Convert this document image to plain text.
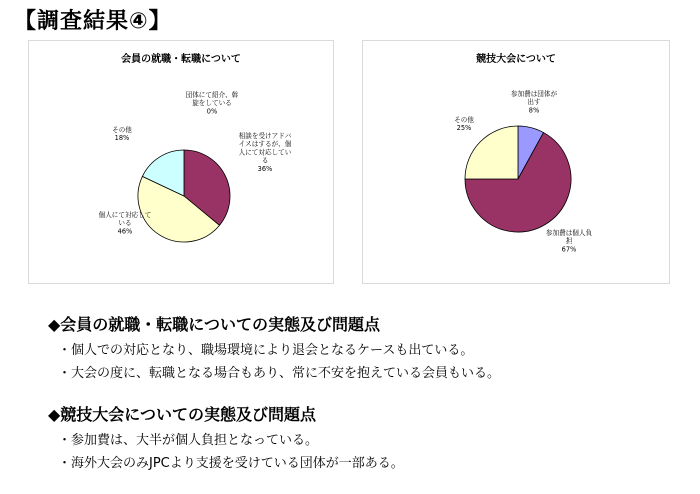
【調査結果④】
会員の就職・転職について
相談を受けアドバイスはするが、個人にて対応している 36%
個人にて対応している 46%
その他 18%
団体にて紹介、斡旋をしている 0%
競技大会について
参加費は団体が出す 8%
参加費は個人負担 67%
その他 25%
◆会員の就職・転職についての実態及び問題点
・個人での対応となり、職場環境により退会となるケースも出ている。
・大会の度に、転職となる場合もあり、常に不安を抱えている会員もいる。
◆競技大会についての実態及び問題点
・参加費は、大半が個人負担となっている。
・海外大会のみJPCより支援を受けている団体が一部ある。
